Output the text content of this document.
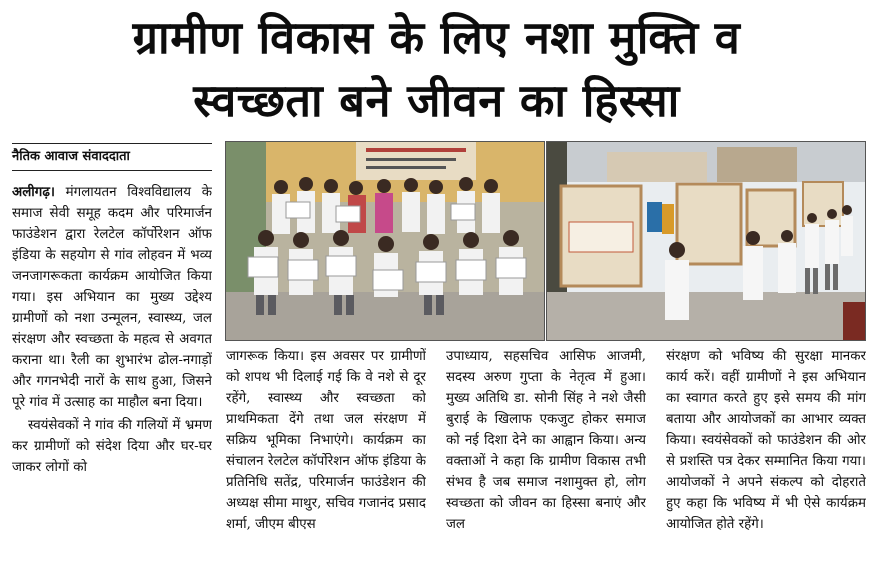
ग्रामीण विकास के लिए नशा मुक्ति व
स्वच्छता बने जीवन का हिस्सा
नैतिक आवाज संवाददाता

अलीगढ़। मंगलायतन विश्वविद्यालय के समाज सेवी समूह कदम और परिमार्जन फाउंडेशन द्वारा रेलटेल कॉर्पोरेशन ऑफ इंडिया के सहयोग से गांव लोहवन में भव्य जनजागरूकता कार्यक्रम आयोजित किया गया। इस अभियान का मुख्य उद्देश्य ग्रामीणों को नशा उन्मूलन, स्वास्थ्य, जल संरक्षण और स्वच्छता के महत्व से अवगत कराना था। रैली का शुभारंभ ढोल-नगाड़ों और गगनभेदी नारों के साथ हुआ, जिसने पूरे गांव में उत्साह का माहौल बना दिया।

स्वयंसेवकों ने गांव की गलियों में भ्रमण कर ग्रामीणों को संदेश दिया और घर-घर जाकर लोगों को

जागरूक किया। इस अवसर पर ग्रामीणों को शपथ भी दिलाई गई कि वे नशे से दूर रहेंगे, स्वास्थ्य और स्वच्छता को प्राथमिकता देंगे तथा जल संरक्षण में सक्रिय भूमिका निभाएंगे। कार्यक्रम का संचालन रेलटेल कॉर्पोरेशन ऑफ इंडिया के प्रतिनिधि सतेंद्र, परिमार्जन फाउंडेशन की अध्यक्ष सीमा माथुर, सचिव गजानंद प्रसाद शर्मा, जीएम बीएस

उपाध्याय, सहसचिव आसिफ आजमी, सदस्य अरुण गुप्ता के नेतृत्व में हुआ। मुख्य अतिथि डा. सोनी सिंह ने नशे जैसी बुराई के खिलाफ एकजुट होकर समाज को नई दिशा देने का आह्वान किया। अन्य वक्ताओं ने कहा कि ग्रामीण विकास तभी संभव है जब समाज नशामुक्त हो, लोग स्वच्छता को जीवन का हिस्सा बनाएं और जल

संरक्षण को भविष्य की सुरक्षा मानकर कार्य करें। वहीं ग्रामीणों ने इस अभियान का स्वागत करते हुए इसे समय की मांग बताया और आयोजकों का आभार व्यक्त किया। स्वयंसेवकों को फाउंडेशन की ओर से प्रशस्ति पत्र देकर सम्मानित किया गया। आयोजकों ने अपने संकल्प को दोहराते हुए कहा कि भविष्य में भी ऐसे कार्यक्रम आयोजित होते रहेंगे।
